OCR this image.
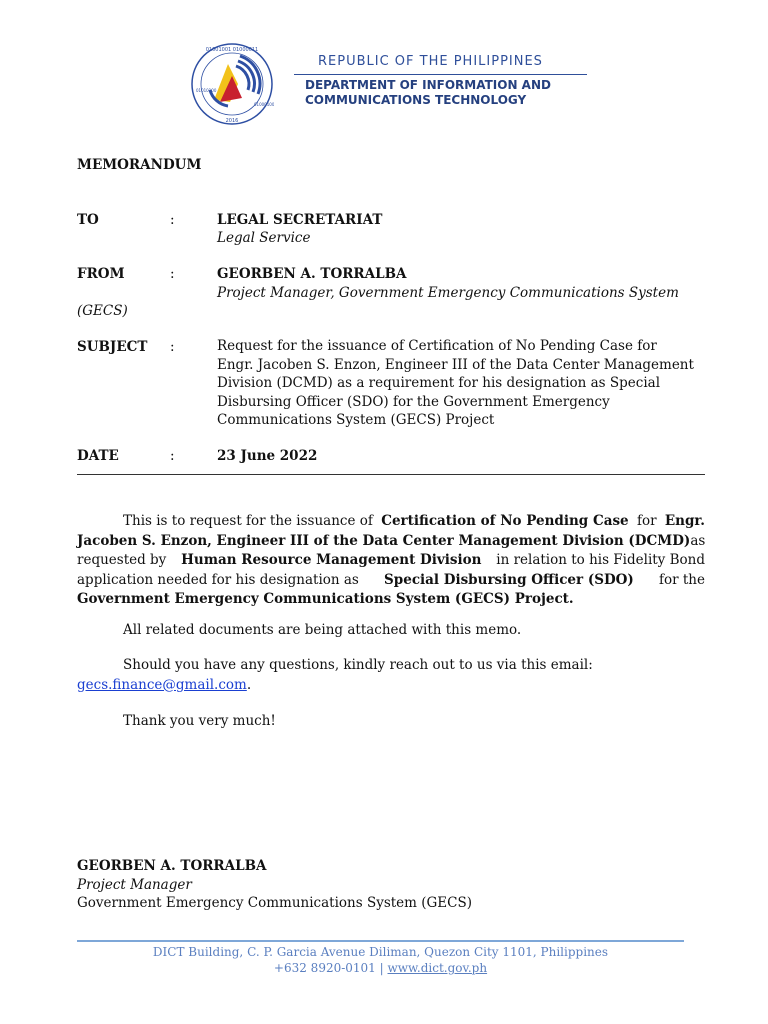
01001001 01000011
01010100
01000100
2016
REPUBLIC OF THE PHILIPPINES
DEPARTMENT OF INFORMATION AND
COMMUNICATIONS TECHNOLOGY
MEMORANDUM
TO	:	LEGAL SECRETARIAT
Legal Service
FROM	:	GEORBEN A. TORRALBA
Project Manager, Government Emergency Communications System
(GECS)
SUBJECT :	Request for the issuance of Certification of No Pending Case for
Engr. Jacoben S. Enzon, Engineer III of the Data Center Management
Division (DCMD) as a requirement for his designation as Special
Disbursing Officer (SDO) for the Government Emergency
Communications System (GECS) Project
DATE	:	23 June 2022
This is to request for the issuance of Certification of No Pending Case for Engr.
Jacoben S. Enzon, Engineer III of the Data Center Management Division (DCMD) as
requested by Human Resource Management Division in relation to his Fidelity Bond
application needed for his designation as Special Disbursing Officer (SDO) for the
Government Emergency Communications System (GECS) Project.
All related documents are being attached with this memo.
Should you have any questions, kindly reach out to us via this email:
gecs.finance@gmail.com.
Thank you very much!
GEORBEN A. TORRALBA
Project Manager
Government Emergency Communications System (GECS)
DICT Building, C. P. Garcia Avenue Diliman, Quezon City 1101, Philippines
+632 8920-0101 | www.dict.gov.ph
